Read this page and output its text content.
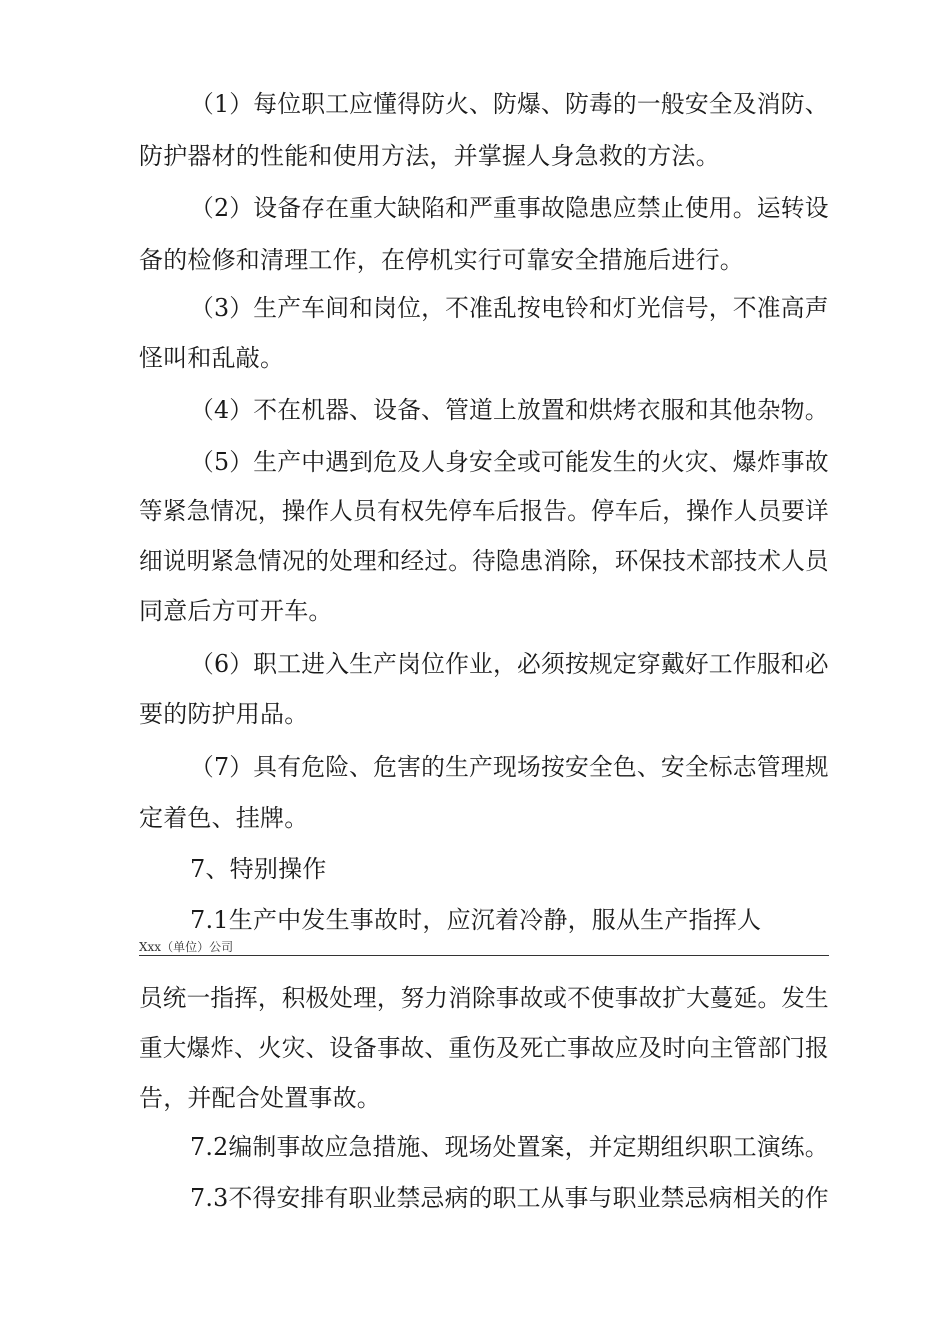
（1）每位职工应懂得防火、防爆、防毒的一般安全及消防、
防护器材的性能和使用方法，并掌握人身急救的方法。
（2）设备存在重大缺陷和严重事故隐患应禁止使用。运转设
备的检修和清理工作，在停机实行可靠安全措施后进行。
（3）生产车间和岗位，不准乱按电铃和灯光信号，不准高声
怪叫和乱敲。
（4）不在机器、设备、管道上放置和烘烤衣服和其他杂物。
（5）生产中遇到危及人身安全或可能发生的火灾、爆炸事故
等紧急情况，操作人员有权先停车后报告。停车后，操作人员要详
细说明紧急情况的处理和经过。待隐患消除，环保技术部技术人员
同意后方可开车。
（6）职工进入生产岗位作业，必须按规定穿戴好工作服和必
要的防护用品。
（7）具有危险、危害的生产现场按安全色、安全标志管理规
定着色、挂牌。
7、特别操作
7.1生产中发生事故时，应沉着冷静，服从生产指挥人
Xxx（单位）公司
员统一指挥，积极处理，努力消除事故或不使事故扩大蔓延。发生
重大爆炸、火灾、设备事故、重伤及死亡事故应及时向主管部门报
告，并配合处置事故。
7.2编制事故应急措施、现场处置案，并定期组织职工演练。
7.3不得安排有职业禁忌病的职工从事与职业禁忌病相关的作
